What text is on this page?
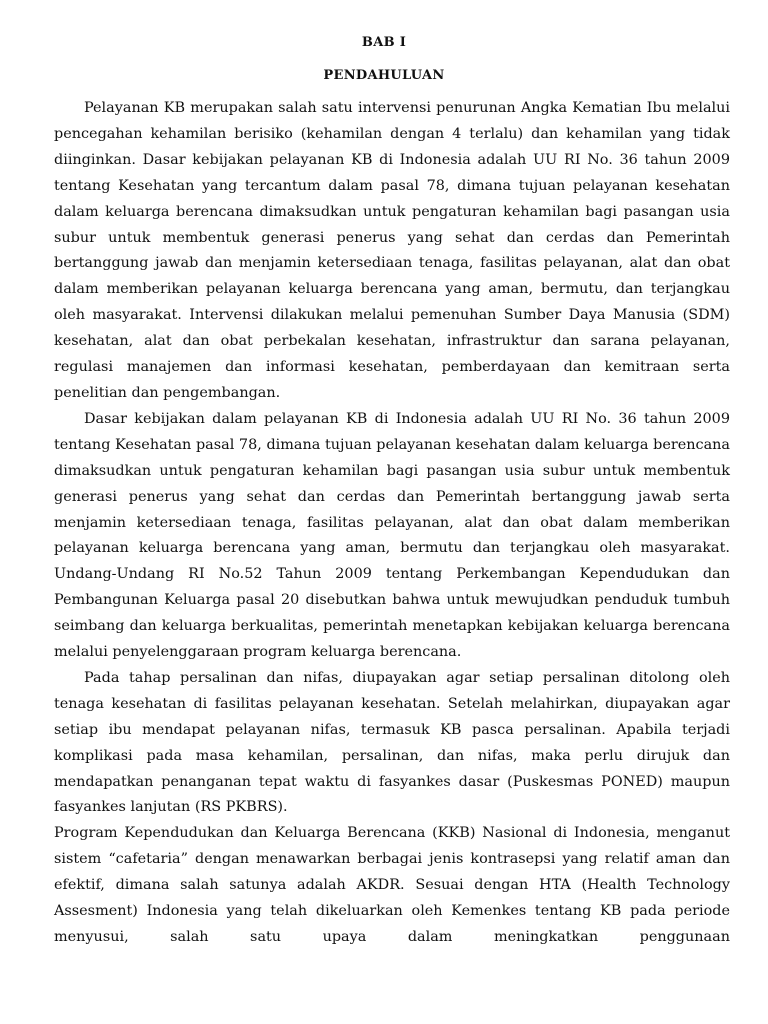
BAB I
PENDAHULUAN

Pelayanan KB merupakan salah satu intervensi penurunan Angka Kematian Ibu melalui pencegahan kehamilan berisiko (kehamilan dengan 4 terlalu) dan kehamilan yang tidak diinginkan. Dasar kebijakan pelayanan KB di Indonesia adalah UU RI No. 36 tahun 2009 tentang Kesehatan yang tercantum dalam pasal 78, dimana tujuan pelayanan kesehatan dalam keluarga berencana dimaksudkan untuk pengaturan kehamilan bagi pasangan usia subur untuk membentuk generasi penerus yang sehat dan cerdas dan Pemerintah bertanggung jawab dan menjamin ketersediaan tenaga, fasilitas pelayanan, alat dan obat dalam memberikan pelayanan keluarga berencana yang aman, bermutu, dan terjangkau oleh masyarakat. Intervensi dilakukan melalui pemenuhan Sumber Daya Manusia (SDM) kesehatan, alat dan obat perbekalan kesehatan, infrastruktur dan sarana pelayanan, regulasi manajemen dan informasi kesehatan, pemberdayaan dan kemitraan serta penelitian dan pengembangan.

Dasar kebijakan dalam pelayanan KB di Indonesia adalah UU RI No. 36 tahun 2009 tentang Kesehatan pasal 78, dimana tujuan pelayanan kesehatan dalam keluarga berencana dimaksudkan untuk pengaturan kehamilan bagi pasangan usia subur untuk membentuk generasi penerus yang sehat dan cerdas dan Pemerintah bertanggung jawab serta menjamin ketersediaan tenaga, fasilitas pelayanan, alat dan obat dalam memberikan pelayanan keluarga berencana yang aman, bermutu dan terjangkau oleh masyarakat. Undang-Undang RI No.52 Tahun 2009 tentang Perkembangan Kependudukan dan Pembangunan Keluarga pasal 20 disebutkan bahwa untuk mewujudkan penduduk tumbuh seimbang dan keluarga berkualitas, pemerintah menetapkan kebijakan keluarga berencana melalui penyelenggaraan program keluarga berencana.

Pada tahap persalinan dan nifas, diupayakan agar setiap persalinan ditolong oleh tenaga kesehatan di fasilitas pelayanan kesehatan. Setelah melahirkan, diupayakan agar setiap ibu mendapat pelayanan nifas, termasuk KB pasca persalinan. Apabila terjadi komplikasi pada masa kehamilan, persalinan, dan nifas, maka perlu dirujuk dan mendapatkan penanganan tepat waktu di fasyankes dasar (Puskesmas PONED) maupun fasyankes lanjutan (RS PKBRS).

Program Kependudukan dan Keluarga Berencana (KKB) Nasional di Indonesia, menganut sistem “cafetaria” dengan menawarkan berbagai jenis kontrasepsi yang relatif aman dan efektif, dimana salah satunya adalah AKDR. Sesuai dengan HTA (Health Technology Assesment) Indonesia yang telah dikeluarkan oleh Kemenkes tentang KB pada periode menyusui, salah satu upaya dalam meningkatkan penggunaan
